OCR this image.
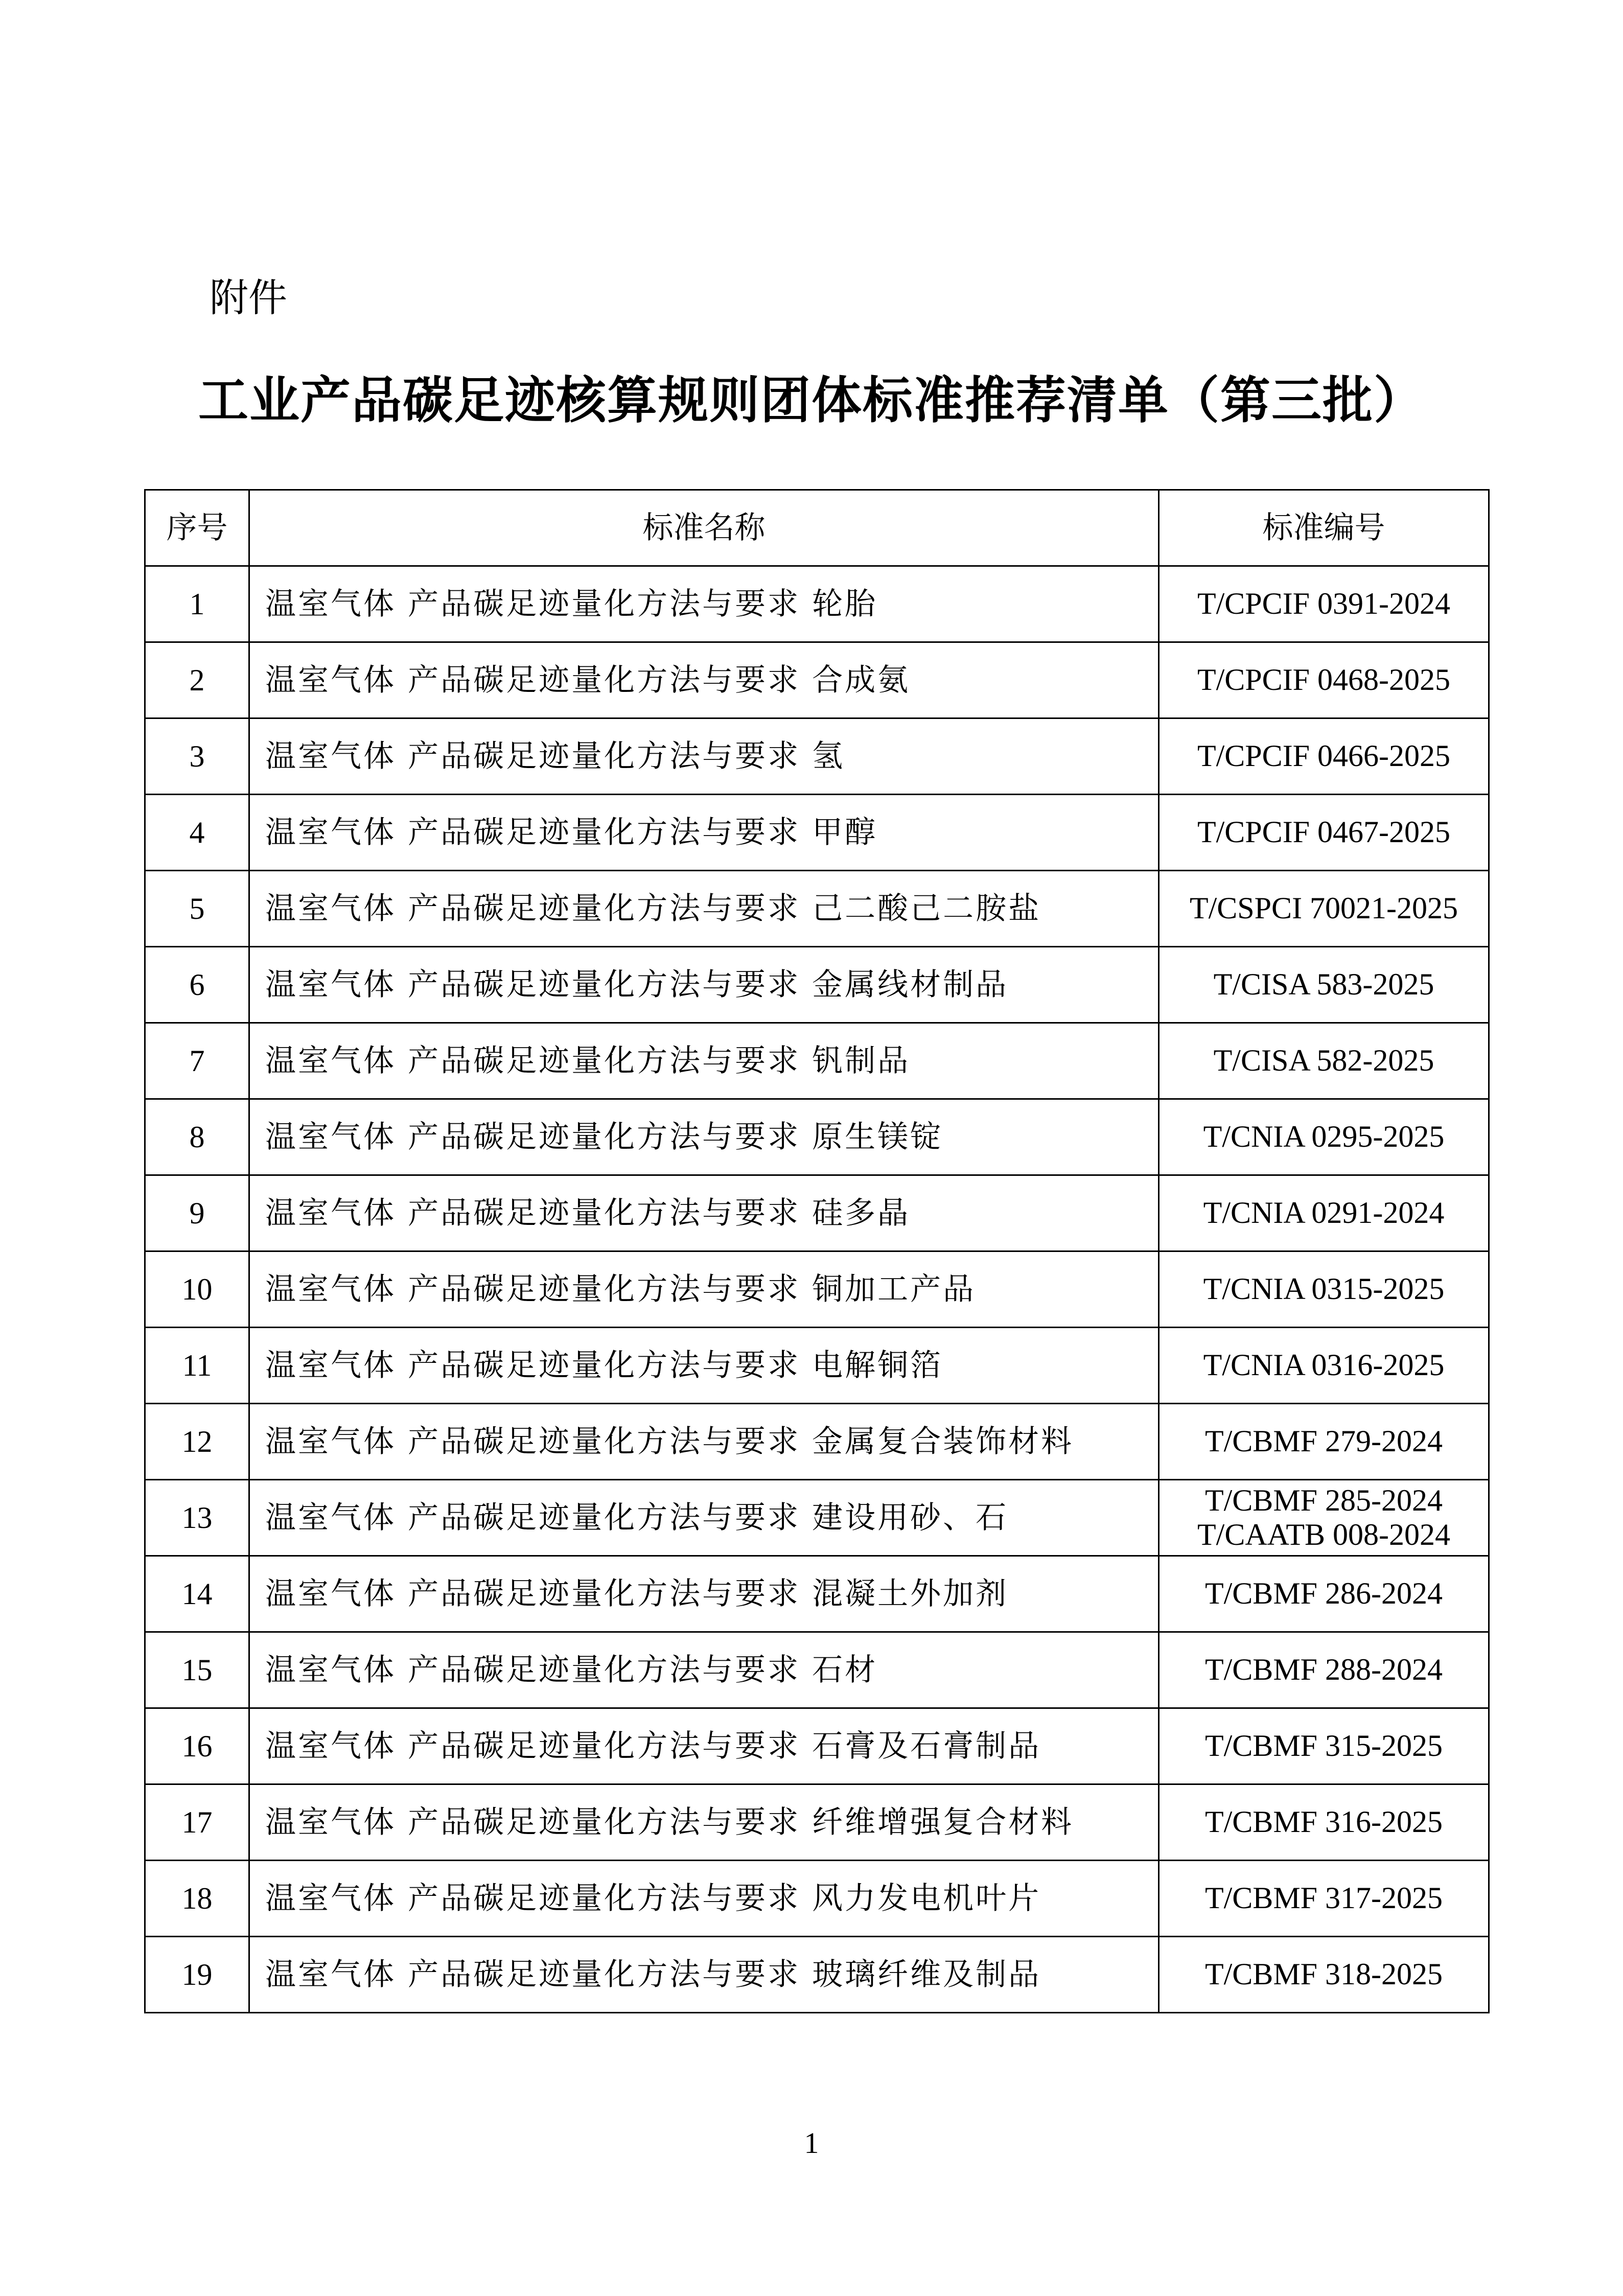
附件
工业产品碳足迹核算规则团体标准推荐清单（第三批）
序号	标准名称	标准编号
1	温室气体 产品碳足迹量化方法与要求 轮胎	T/CPCIF 0391-2024

2	温室气体 产品碳足迹量化方法与要求 合成氨	T/CPCIF 0468-2025

3	温室气体 产品碳足迹量化方法与要求 氢	T/CPCIF 0466-2025

4	温室气体 产品碳足迹量化方法与要求 甲醇	T/CPCIF 0467-2025

5	温室气体 产品碳足迹量化方法与要求 己二酸己二胺盐	T/CSPCI 70021-2025

6	温室气体 产品碳足迹量化方法与要求 金属线材制品	T/CISA 583-2025

7	温室气体 产品碳足迹量化方法与要求 钒制品	T/CISA 582-2025

8	温室气体 产品碳足迹量化方法与要求 原生镁锭	T/CNIA 0295-2025

9	温室气体 产品碳足迹量化方法与要求 硅多晶	T/CNIA 0291-2024

10	温室气体 产品碳足迹量化方法与要求 铜加工产品	T/CNIA 0315-2025

11	温室气体 产品碳足迹量化方法与要求 电解铜箔	T/CNIA 0316-2025

12	温室气体 产品碳足迹量化方法与要求 金属复合装饰材料	T/CBMF 279-2024

13	温室气体 产品碳足迹量化方法与要求 建设用砂、石	T/CBMF 285-2024
T/CAATB 008-2024

14	温室气体 产品碳足迹量化方法与要求 混凝土外加剂	T/CBMF 286-2024

15	温室气体 产品碳足迹量化方法与要求 石材	T/CBMF 288-2024

16	温室气体 产品碳足迹量化方法与要求 石膏及石膏制品	T/CBMF 315-2025

17	温室气体 产品碳足迹量化方法与要求 纤维增强复合材料	T/CBMF 316-2025

18	温室气体 产品碳足迹量化方法与要求 风力发电机叶片	T/CBMF 317-2025

19	温室气体 产品碳足迹量化方法与要求 玻璃纤维及制品	T/CBMF 318-2025
1
